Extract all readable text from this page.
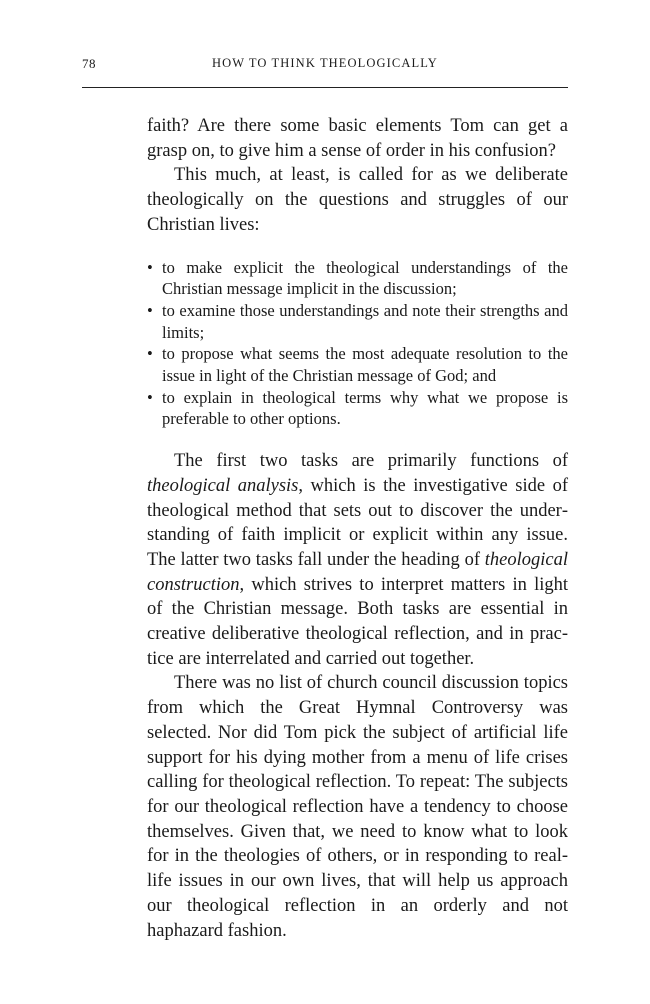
78	HOW TO THINK THEOLOGICALLY

faith? Are there some basic elements Tom can get a grasp on, to give him a sense of order in his confusion?

This much, at least, is called for as we deliberate theologically on the questions and struggles of our Christian lives:

• to make explicit the theological understandings of the Christian message implicit in the discussion;
• to examine those understandings and note their strengths and limits;
• to propose what seems the most adequate resolution to the issue in light of the Christian message of God; and
• to explain in theological terms why what we propose is preferable to other options.

The first two tasks are primarily functions of theological analysis, which is the investigative side of theological method that sets out to discover the understanding of faith implicit or explicit within any issue. The latter two tasks fall under the heading of theological construction, which strives to interpret matters in light of the Christian message. Both tasks are essential in creative deliberative theological reflection, and in practice are interrelated and carried out together.

There was no list of church council discussion topics from which the Great Hymnal Controversy was selected. Nor did Tom pick the subject of artificial life support for his dying mother from a menu of life crises calling for theological reflection. To repeat: The subjects for our theological reflection have a tendency to choose themselves. Given that, we need to know what to look for in the theologies of others, or in responding to real-life issues in our own lives, that will help us approach our theological reflection in an orderly and not haphazard fashion.
